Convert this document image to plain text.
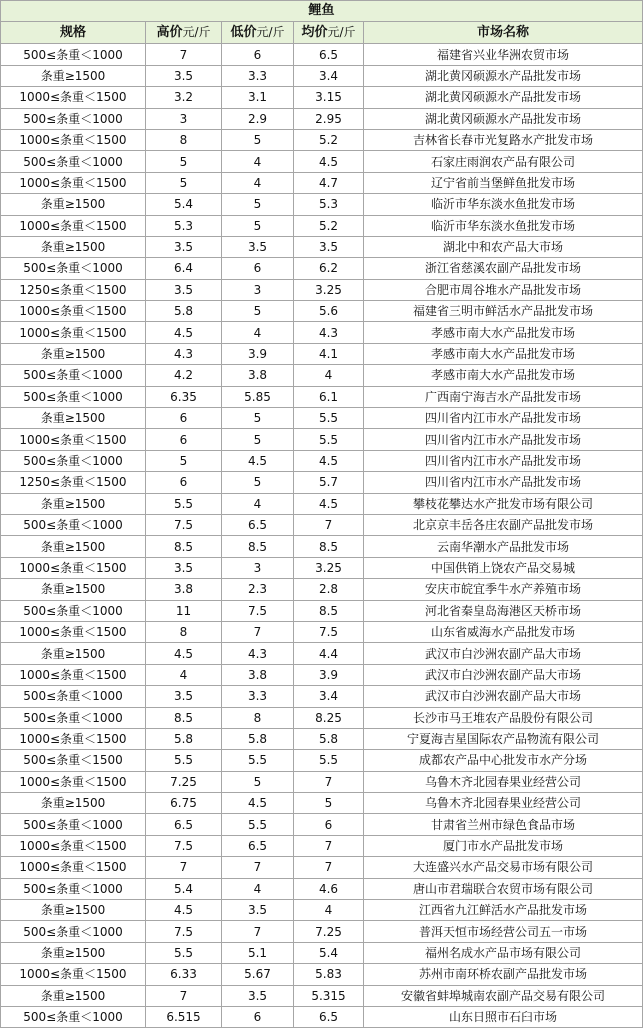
鲤鱼				
规格	高价元/斤	低价元/斤	均价元/斤	市场名称
500≤条重＜1000	7	6	6.5	福建省兴业华洲农贸市场
条重≥1500	3.5	3.3	3.4	湖北黄冈硕源水产品批发市场
1000≤条重＜1500	3.2	3.1	3.15	湖北黄冈硕源水产品批发市场
500≤条重＜1000	3	2.9	2.95	湖北黄冈硕源水产品批发市场
1000≤条重＜1500	8	5	5.2	吉林省长春市光复路水产批发市场
500≤条重＜1000	5	4	4.5	石家庄雨润农产品有限公司
1000≤条重＜1500	5	4	4.7	辽宁省前当堡鲜鱼批发市场
条重≥1500	5.4	5	5.3	临沂市华东淡水鱼批发市场
1000≤条重＜1500	5.3	5	5.2	临沂市华东淡水鱼批发市场
条重≥1500	3.5	3.5	3.5	湖北中和农产品大市场
500≤条重＜1000	6.4	6	6.2	浙江省慈溪农副产品批发市场
1250≤条重＜1500	3.5	3	3.25	合肥市周谷堆水产品批发市场
1000≤条重＜1500	5.8	5	5.6	福建省三明市鲜活水产品批发市场
1000≤条重＜1500	4.5	4	4.3	孝感市南大水产品批发市场
条重≥1500	4.3	3.9	4.1	孝感市南大水产品批发市场
500≤条重＜1000	4.2	3.8	4	孝感市南大水产品批发市场
500≤条重＜1000	6.35	5.85	6.1	广西南宁海吉水产品批发市场
条重≥1500	6	5	5.5	四川省内江市水产品批发市场
1000≤条重＜1500	6	5	5.5	四川省内江市水产品批发市场
500≤条重＜1000	5	4.5	4.5	四川省内江市水产品批发市场
1250≤条重＜1500	6	5	5.7	四川省内江市水产品批发市场
条重≥1500	5.5	4	4.5	攀枝花攀达水产批发市场有限公司
500≤条重＜1000	7.5	6.5	7	北京京丰岳各庄农副产品批发市场
条重≥1500	8.5	8.5	8.5	云南华潮水产品批发市场
1000≤条重＜1500	3.5	3	3.25	中国供销上饶农产品交易城
条重≥1500	3.8	2.3	2.8	安庆市皖宜季牛水产养殖市场
500≤条重＜1000	11	7.5	8.5	河北省秦皇岛海港区天桥市场
1000≤条重＜1500	8	7	7.5	山东省威海水产品批发市场
条重≥1500	4.5	4.3	4.4	武汉市白沙洲农副产品大市场
1000≤条重＜1500	4	3.8	3.9	武汉市白沙洲农副产品大市场
500≤条重＜1000	3.5	3.3	3.4	武汉市白沙洲农副产品大市场
500≤条重＜1000	8.5	8	8.25	长沙市马王堆农产品股份有限公司
1000≤条重＜1500	5.8	5.8	5.8	宁夏海吉星国际农产品物流有限公司
500≤条重＜1500	5.5	5.5	5.5	成都农产品中心批发市水产分场
1000≤条重＜1500	7.25	5	7	乌鲁木齐北园春果业经营公司
条重≥1500	6.75	4.5	5	乌鲁木齐北园春果业经营公司
500≤条重＜1000	6.5	5.5	6	甘肃省兰州市绿色食品市场
1000≤条重＜1500	7.5	6.5	7	厦门市水产品批发市场
1000≤条重＜1500	7	7	7	大连盛兴水产品交易市场有限公司
500≤条重＜1000	5.4	4	4.6	唐山市君瑞联合农贸市场有限公司
条重≥1500	4.5	3.5	4	江西省九江鲜活水产品批发市场
500≤条重＜1000	7.5	7	7.25	普洱天恒市场经营公司五一市场
条重≥1500	5.5	5.1	5.4	福州名成水产品市场有限公司
1000≤条重＜1500	6.33	5.67	5.83	苏州市南环桥农副产品批发市场
条重≥1500	7	3.5	5.315	安徽省蚌埠城南农副产品交易有限公司
500≤条重＜1000	6.515	6	6.5	山东日照市石臼市场
